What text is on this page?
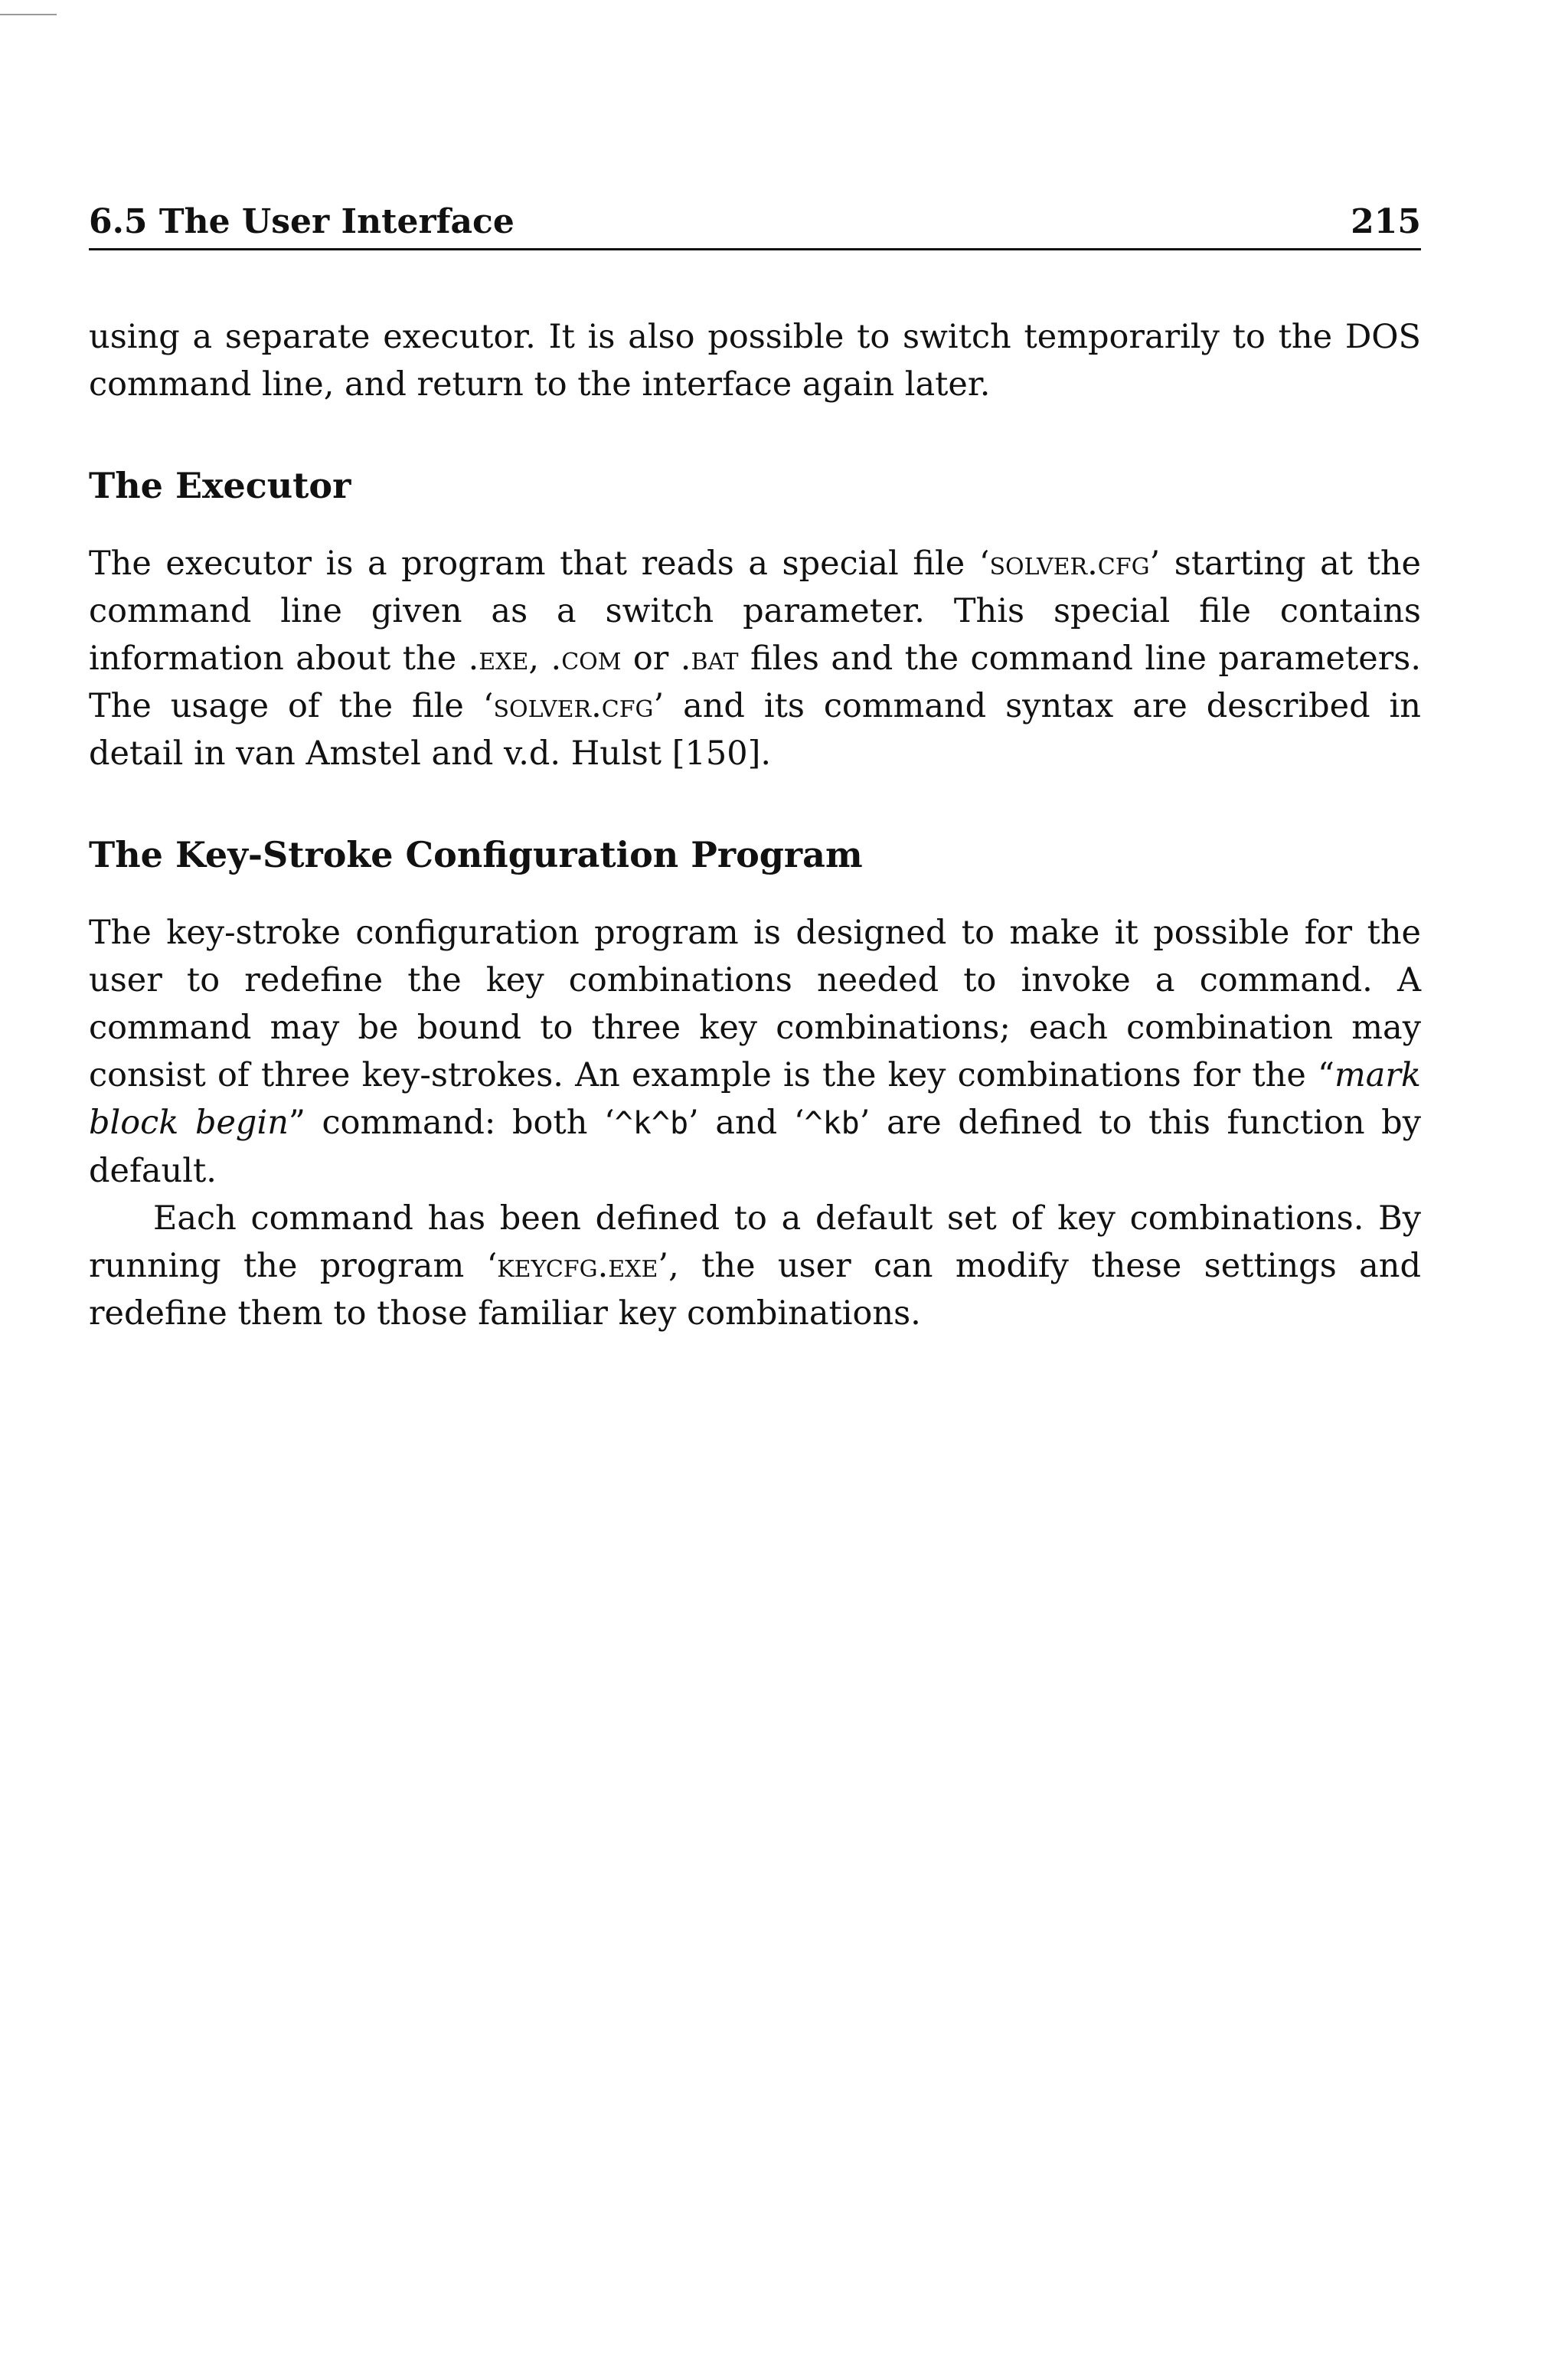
6.5 The User Interface	215

using a separate executor. It is also possible to switch temporarily to the DOS command line, and return to the interface again later.

The Executor

The executor is a program that reads a special file ‘solver.cfg’ starting at the command line given as a switch parameter. This special file contains information about the .exe, .com or .bat files and the command line parameters. The usage of the file ‘solver.cfg’ and its command syntax are described in detail in van Amstel and v.d. Hulst [150].

The Key-Stroke Configuration Program

The key-stroke configuration program is designed to make it possible for the user to redefine the key combinations needed to invoke a command. A command may be bound to three key combinations; each combination may consist of three key-strokes. An example is the key combinations for the “mark block begin” command: both ‘^k^b’ and ‘^kb’ are defined to this function by default.

Each command has been defined to a default set of key combinations. By running the program ‘keycfg.exe’, the user can modify these settings and redefine them to those familiar key combinations.
